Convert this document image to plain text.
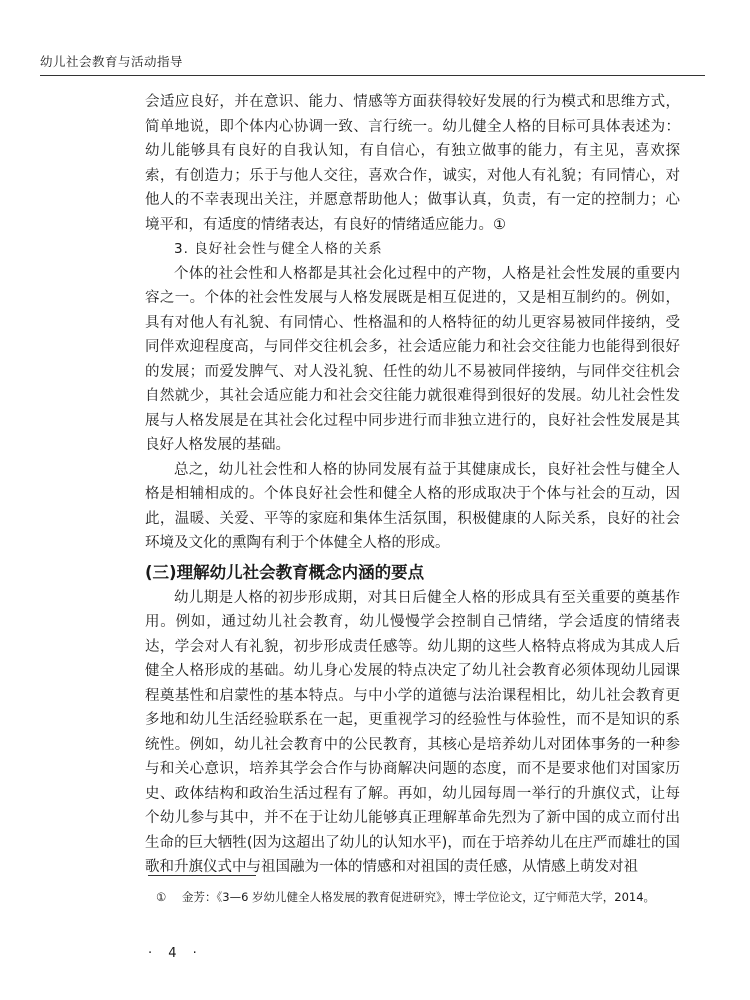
幼儿社会教育与活动指导

会适应良好，并在意识、能力、情感等方面获得较好发展的行为模式和思维方式，简单地说，即个体内心协调一致、言行统一。幼儿健全人格的目标可具体表述为：幼儿能够具有良好的自我认知，有自信心，有独立做事的能力，有主见，喜欢探索，有创造力；乐于与他人交往，喜欢合作，诚实，对他人有礼貌；有同情心，对他人的不幸表现出关注，并愿意帮助他人；做事认真，负责，有一定的控制力；心境平和，有适度的情绪表达，有良好的情绪适应能力。①

3. 良好社会性与健全人格的关系

个体的社会性和人格都是其社会化过程中的产物，人格是社会性发展的重要内容之一。个体的社会性发展与人格发展既是相互促进的，又是相互制约的。例如，具有对他人有礼貌、有同情心、性格温和的人格特征的幼儿更容易被同伴接纳，受同伴欢迎程度高，与同伴交往机会多，社会适应能力和社会交往能力也能得到很好的发展；而爱发脾气、对人没礼貌、任性的幼儿不易被同伴接纳，与同伴交往机会自然就少，其社会适应能力和社会交往能力就很难得到很好的发展。幼儿社会性发展与人格发展是在其社会化过程中同步进行而非独立进行的，良好社会性发展是其良好人格发展的基础。

总之，幼儿社会性和人格的协同发展有益于其健康成长，良好社会性与健全人格是相辅相成的。个体良好社会性和健全人格的形成取决于个体与社会的互动，因此，温暖、关爱、平等的家庭和集体生活氛围，积极健康的人际关系，良好的社会环境及文化的熏陶有利于个体健全人格的形成。

(三)理解幼儿社会教育概念内涵的要点

幼儿期是人格的初步形成期，对其日后健全人格的形成具有至关重要的奠基作用。例如，通过幼儿社会教育，幼儿慢慢学会控制自己情绪，学会适度的情绪表达，学会对人有礼貌，初步形成责任感等。幼儿期的这些人格特点将成为其成人后健全人格形成的基础。幼儿身心发展的特点决定了幼儿社会教育必须体现幼儿园课程奠基性和启蒙性的基本特点。与中小学的道德与法治课程相比，幼儿社会教育更多地和幼儿生活经验联系在一起，更重视学习的经验性与体验性，而不是知识的系统性。例如，幼儿社会教育中的公民教育，其核心是培养幼儿对团体事务的一种参与和关心意识，培养其学会合作与协商解决问题的态度，而不是要求他们对国家历史、政体结构和政治生活过程有了解。再如，幼儿园每周一举行的升旗仪式，让每个幼儿参与其中，并不在于让幼儿能够真正理解革命先烈为了新中国的成立而付出生命的巨大牺牲(因为这超出了幼儿的认知水平)，而在于培养幼儿在庄严而雄壮的国歌和升旗仪式中与祖国融为一体的情感和对祖国的责任感，从情感上萌发对祖

① 金芳：《3—6 岁幼儿健全人格发展的教育促进研究》，博士学位论文，辽宁师范大学，2014。
· 4 ·
